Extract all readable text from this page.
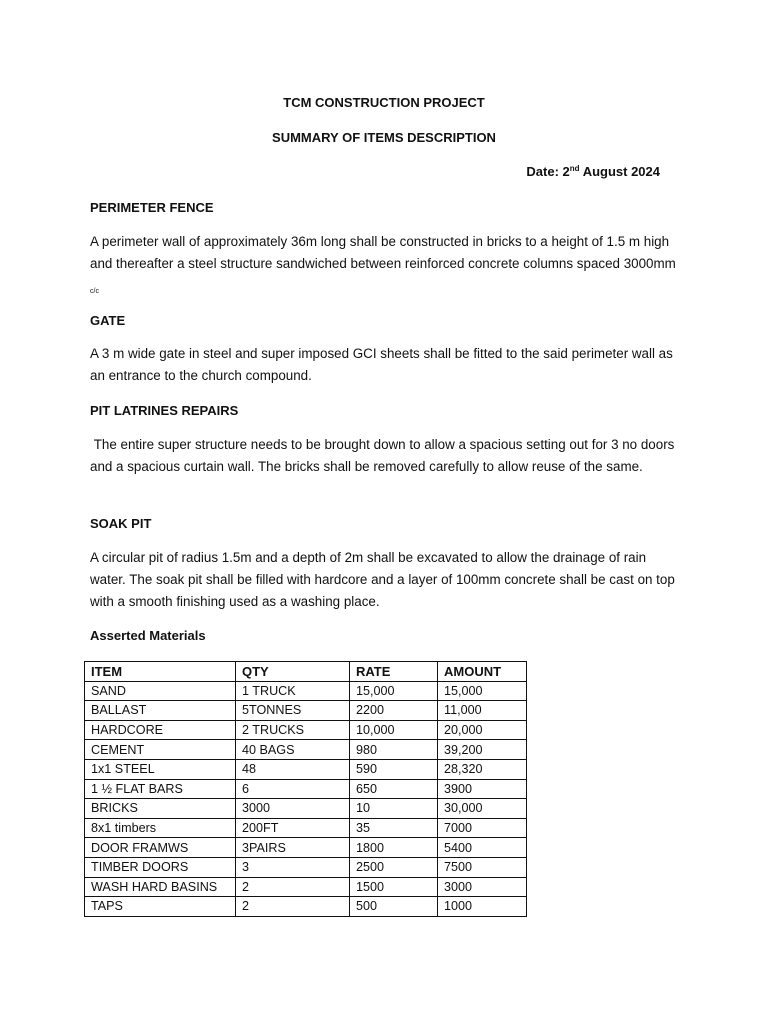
TCM CONSTRUCTION PROJECT
SUMMARY OF ITEMS DESCRIPTION
Date: 2nd August 2024
PERIMETER FENCE
A perimeter wall of approximately 36m long shall be constructed in bricks to a height of 1.5 m high and thereafter a steel structure sandwiched between reinforced concrete columns spaced 3000mm $_{c/c}$
GATE
A 3 m wide gate in steel and super imposed GCI sheets shall be fitted to the said perimeter wall as an entrance to the church compound.
PIT LATRINES REPAIRS
The entire super structure needs to be brought down to allow a spacious setting out for 3 no doors and a spacious curtain wall. The bricks shall be removed carefully to allow reuse of the same.
SOAK PIT
A circular pit of radius 1.5m and a depth of 2m shall be excavated to allow the drainage of rain water. The soak pit shall be filled with hardcore and a layer of 100mm concrete shall be cast on top with a smooth finishing used as a washing place.
Asserted Materials
ITEM	QTY	RATE	AMOUNT
SAND	1 TRUCK	15,000	15,000
BALLAST	5TONNES	2200	11,000
HARDCORE	2 TRUCKS	10,000	20,000
CEMENT	40 BAGS	980	39,200
1x1 STEEL	48	590	28,320
1 ½ FLAT BARS	6	650	3900
BRICKS	3000	10	30,000
8x1 timbers	200FT	35	7000
DOOR FRAMWS	3PAIRS	1800	5400
TIMBER DOORS	3	2500	7500
WASH HARD BASINS	2	1500	3000
TAPS	2	500	1000
